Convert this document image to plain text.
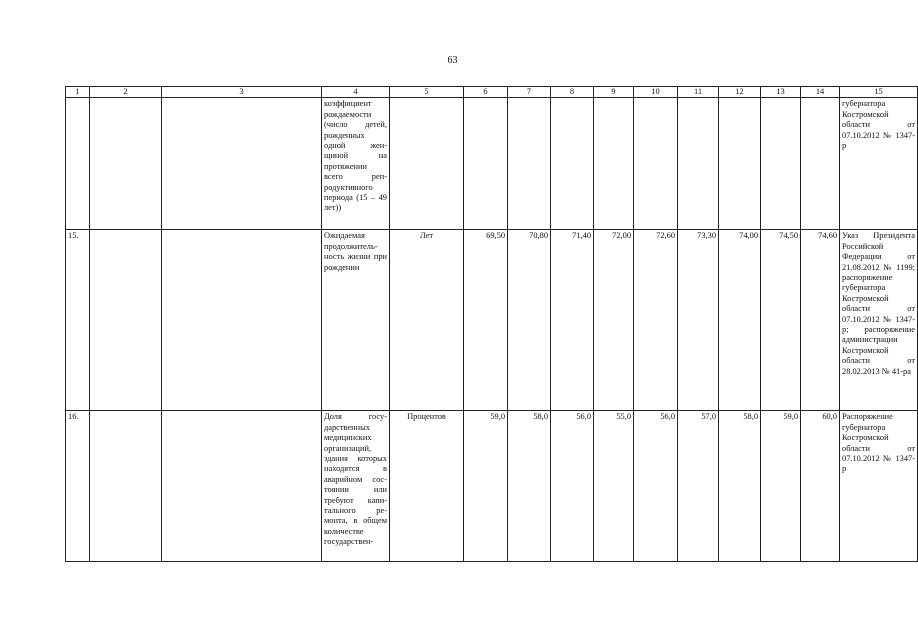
63
1	2	3	4	5	6	7	8	9	10	11	12	13	14	15
			коэффициент рождаемости (число детей, рожденных одной жен- щиной на протяжении всего реп- родуктивного периода (15 – 49 лет))											губернатора Костромской области от 07.10.2012 № 1347-р
15.			Ожидаемая продолжитель- ность жизни при рождении	Лет	69,50	70,80	71,40	72,00	72,60	73,30	74,00	74,50	74,60	Указ Президента Российской Федерации от 21.08.2012 № 1199; распоряжение губернатора Костромской области от 07.10.2012 № 1347-р; распоряжение администрации Костромской области от 28.02.2013 № 41-ра
16.			Доля госу- дарственных медицинских организаций, здания которых находятся в аварийном сос- тоянии или требуют капи- тального ре- монта, в общем количестве государствен-	Процентов	59,0	58,0	56,0	55,0	56,0	57,0	58,0	59,0	60,0	Распоряжение губернатора Костромской области от 07.10.2012 № 1347-р
